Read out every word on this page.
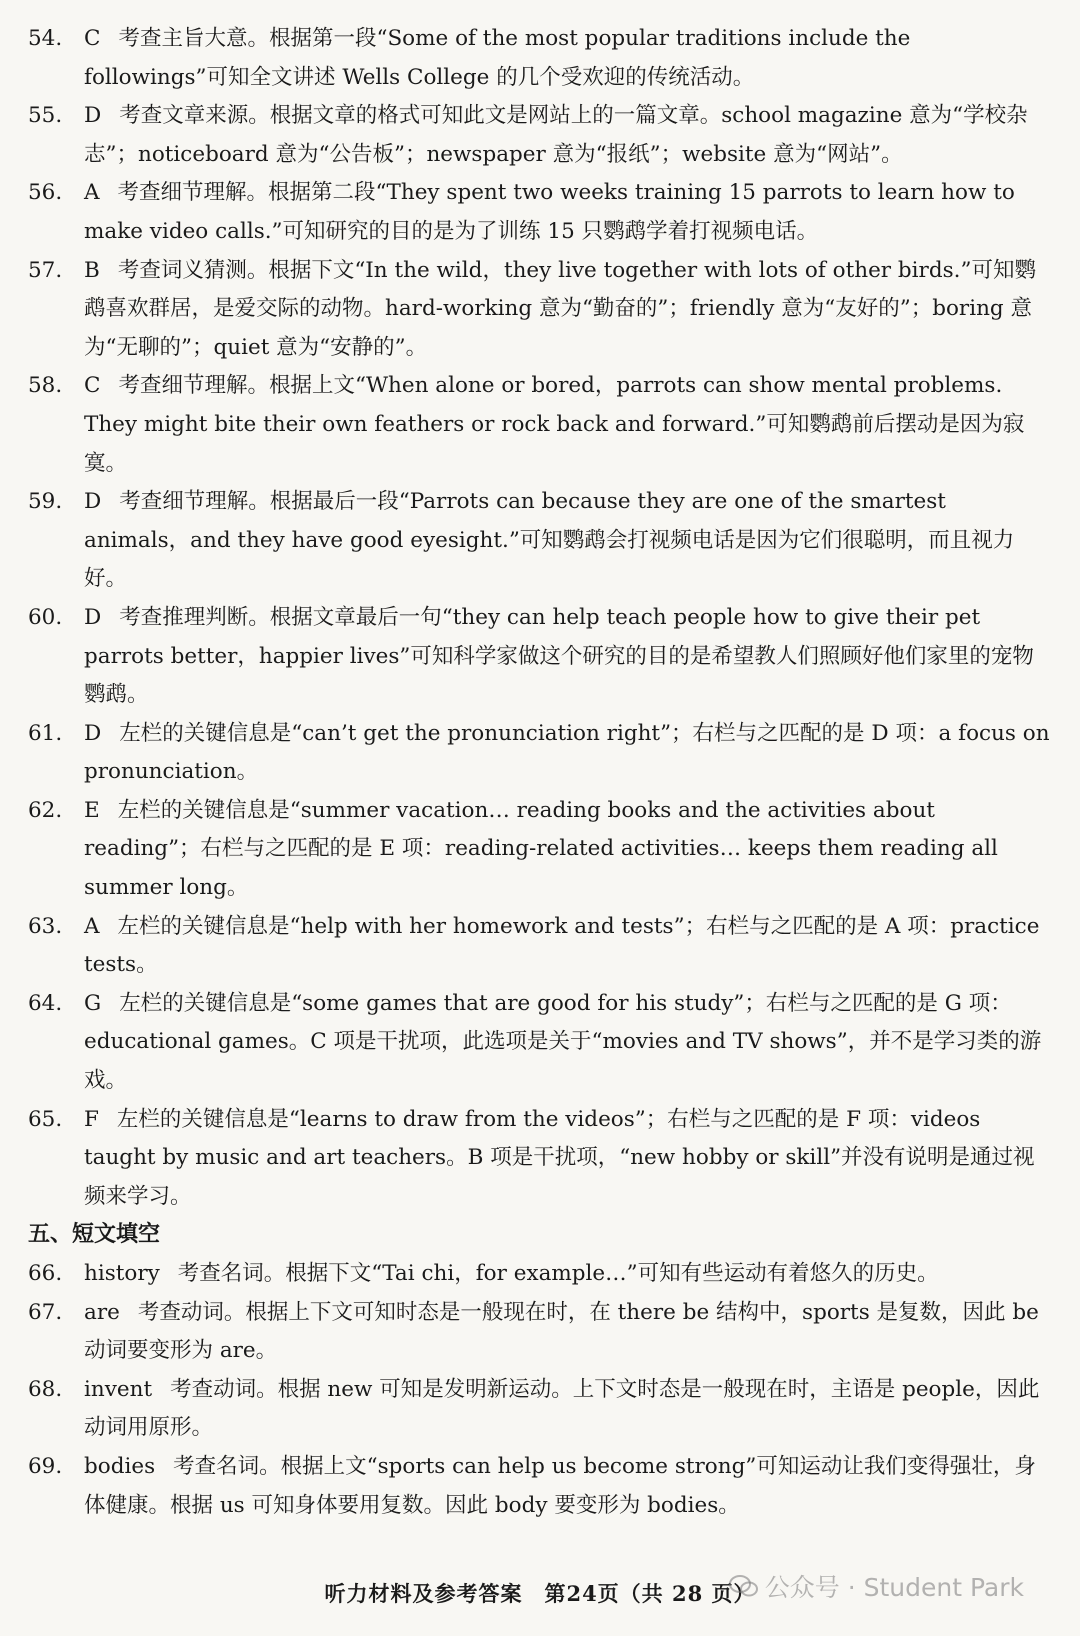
54.	C 考查主旨大意。根据第一段“Some of the most popular traditions include the followings”可知全文讲述 Wells College 的几个受欢迎的传统活动。
55.	D 考查文章来源。根据文章的格式可知此文是网站上的一篇文章。school magazine 意为“学校杂志”；noticeboard 意为“公告板”；newspaper 意为“报纸”；website 意为“网站”。
56.	A 考查细节理解。根据第二段“They spent two weeks training 15 parrots to learn how to make video calls.”可知研究的目的是为了训练 15 只鹦鹉学着打视频电话。
57.	B 考查词义猜测。根据下文“In the wild，they live together with lots of other birds.”可知鹦鹉喜欢群居，是爱交际的动物。hard-working 意为“勤奋的”；friendly 意为“友好的”；boring 意为“无聊的”；quiet 意为“安静的”。
58.	C 考查细节理解。根据上文“When alone or bored，parrots can show mental problems. They might bite their own feathers or rock back and forward.”可知鹦鹉前后摆动是因为寂寞。
59.	D 考查细节理解。根据最后一段“Parrots can because they are one of the smartest animals，and they have good eyesight.”可知鹦鹉会打视频电话是因为它们很聪明，而且视力好。
60.	D 考查推理判断。根据文章最后一句“they can help teach people how to give their pet parrots better，happier lives”可知科学家做这个研究的目的是希望教人们照顾好他们家里的宠物鹦鹉。
61.	D 左栏的关键信息是“can’t get the pronunciation right”；右栏与之匹配的是 D 项：a focus on pronunciation。
62.	E 左栏的关键信息是“summer vacation… reading books and the activities about reading”；右栏与之匹配的是 E 项：reading-related activities… keeps them reading all summer long。
63.	A 左栏的关键信息是“help with her homework and tests”；右栏与之匹配的是 A 项：practice tests。
64.	G 左栏的关键信息是“some games that are good for his study”；右栏与之匹配的是 G 项：educational games。C 项是干扰项，此选项是关于“movies and TV shows”，并不是学习类的游戏。
65.	F 左栏的关键信息是“learns to draw from the videos”；右栏与之匹配的是 F 项：videos taught by music and art teachers。B 项是干扰项，“new hobby or skill”并没有说明是通过视频来学习。
五、短文填空
66.	history 考查名词。根据下文“Tai chi，for example…”可知有些运动有着悠久的历史。
67.	are 考查动词。根据上下文可知时态是一般现在时，在 there be 结构中，sports 是复数，因此 be 动词要变形为 are。
68.	invent 考查动词。根据 new 可知是发明新运动。上下文时态是一般现在时，主语是 people，因此动词用原形。
69.	bodies 考查名词。根据上文“sports can help us become strong”可知运动让我们变得强壮，身体健康。根据 us 可知身体要用复数。因此 body 要变形为 bodies。
听力材料及参考答案　第24页（共 28 页） 公众号 · Student Park
